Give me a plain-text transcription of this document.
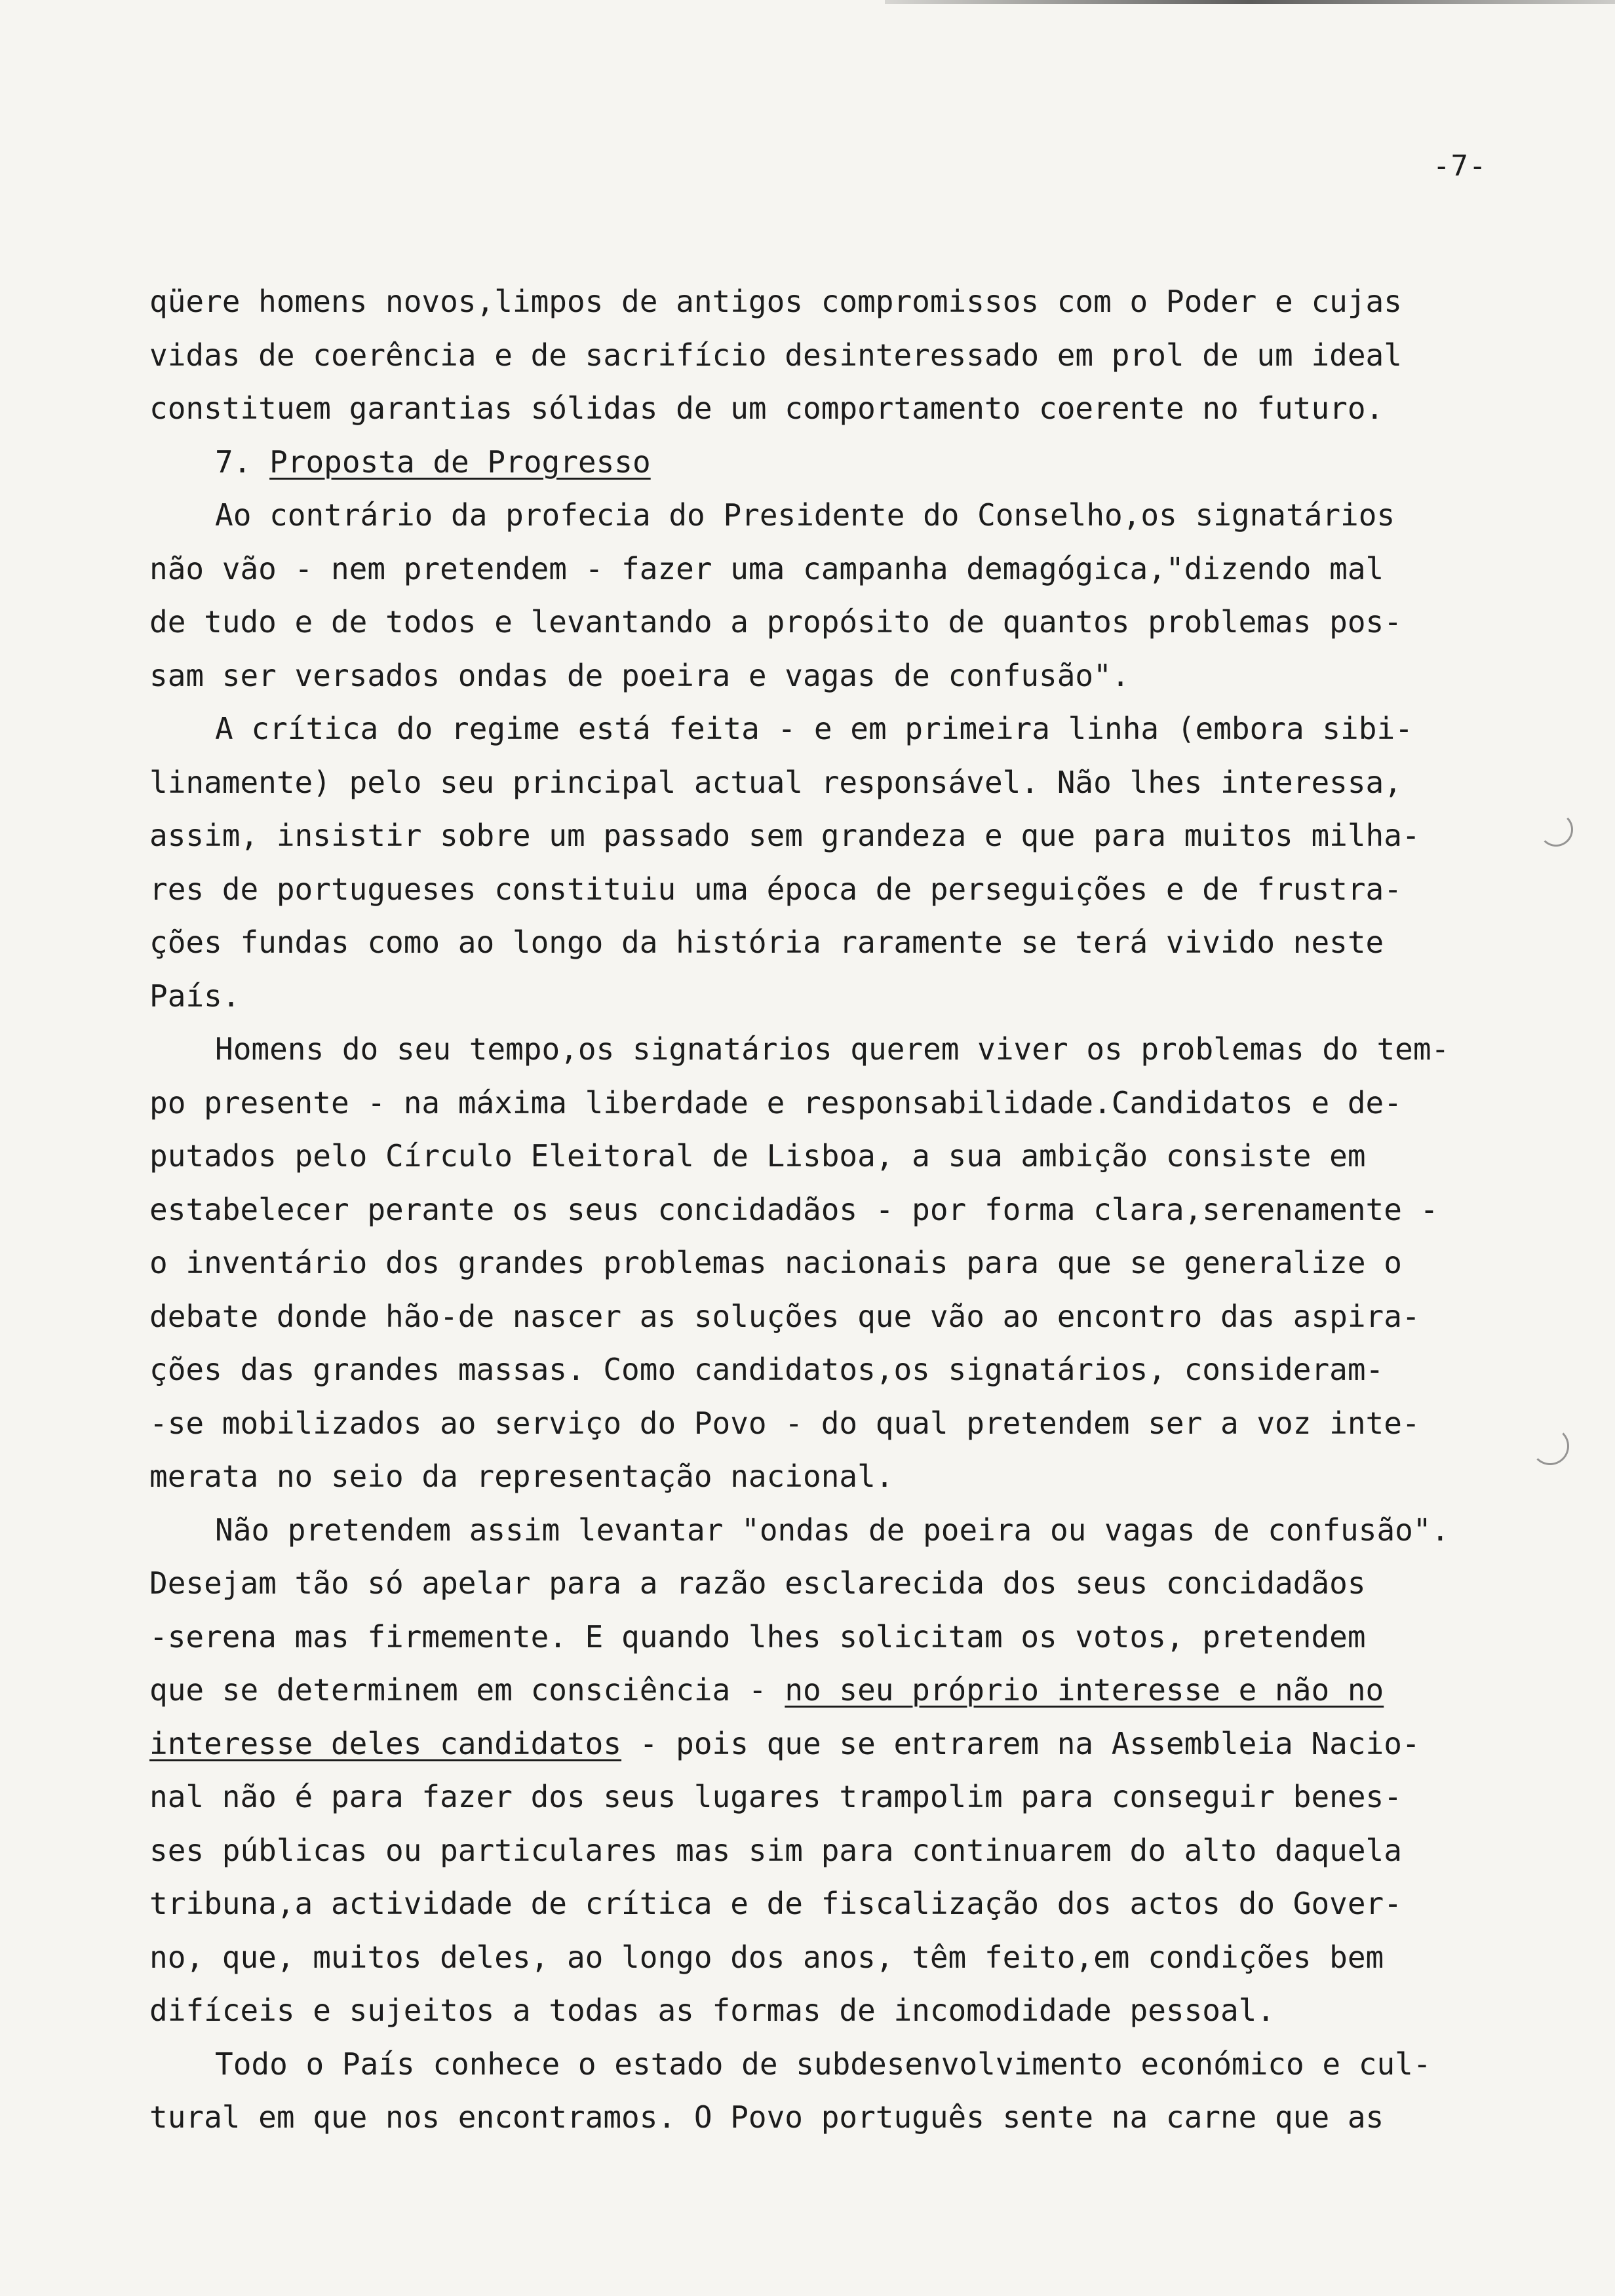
-7-
qüere homens novos,limpos de antigos compromissos com o Poder e cujas
vidas de coerência e de sacrifício desinteressado em prol de um ideal
constituem garantias sólidas de um comportamento coerente no futuro.
7. Proposta de Progresso
Ao contrário da profecia do Presidente do Conselho,os signatários
não vão - nem pretendem - fazer uma campanha demagógica,"dizendo mal
de tudo e de todos e levantando a propósito de quantos problemas pos-
sam ser versados ondas de poeira e vagas de confusão".
A crítica do regime está feita - e em primeira linha (embora sibi-
linamente) pelo seu principal actual responsável. Não lhes interessa,
assim, insistir sobre um passado sem grandeza e que para muitos milha-
res de portugueses constituiu uma época de perseguições e de frustra-
ções fundas como ao longo da história raramente se terá vivido neste
País.
Homens do seu tempo,os signatários querem viver os problemas do tem-
po presente - na máxima liberdade e responsabilidade.Candidatos e de-
putados pelo Círculo Eleitoral de Lisboa, a sua ambição consiste em
estabelecer perante os seus concidadãos - por forma clara,serenamente -
o inventário dos grandes problemas nacionais para que se generalize o
debate donde hão-de nascer as soluções que vão ao encontro das aspira-
ções das grandes massas. Como candidatos,os signatários, consideram-
-se mobilizados ao serviço do Povo - do qual pretendem ser a voz inte-
merata no seio da representação nacional.
Não pretendem assim levantar "ondas de poeira ou vagas de confusão".
Desejam tão só apelar para a razão esclarecida dos seus concidadãos
-serena mas firmemente. E quando lhes solicitam os votos, pretendem
que se determinem em consciência - no seu próprio interesse e não no
interesse deles candidatos - pois que se entrarem na Assembleia Nacio-
nal não é para fazer dos seus lugares trampolim para conseguir benes-
ses públicas ou particulares mas sim para continuarem do alto daquela
tribuna,a actividade de crítica e de fiscalização dos actos do Gover-
no, que, muitos deles, ao longo dos anos, têm feito,em condições bem
difíceis e sujeitos a todas as formas de incomodidade pessoal.
Todo o País conhece o estado de subdesenvolvimento económico e cul-
tural em que nos encontramos. O Povo português sente na carne que as
